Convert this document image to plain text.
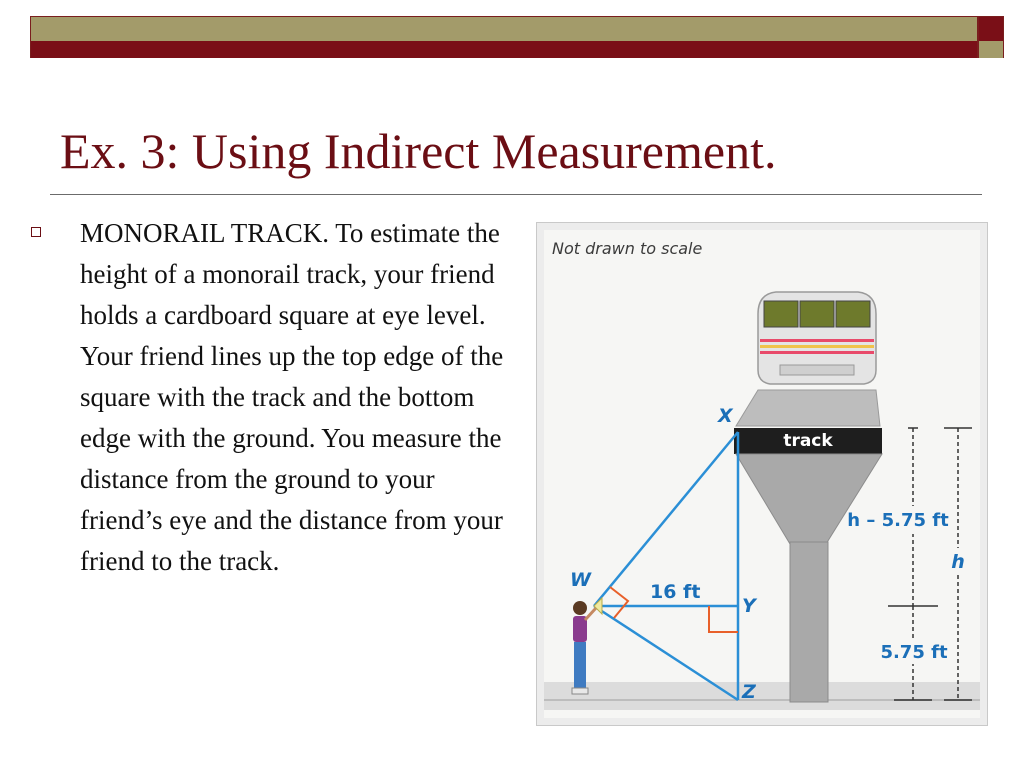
Ex. 3: Using Indirect Measurement.

MONORAIL TRACK. To estimate the height of a monorail track, your friend holds a cardboard square at eye level. Your friend lines up the top edge of the square with the track and the bottom edge with the ground. You measure the distance from the ground to your friend’s eye and the distance from your friend to the track.

Not drawn to scale
track
X
W
Y
Z
16 ft
h – 5.75 ft
h
5.75 ft
